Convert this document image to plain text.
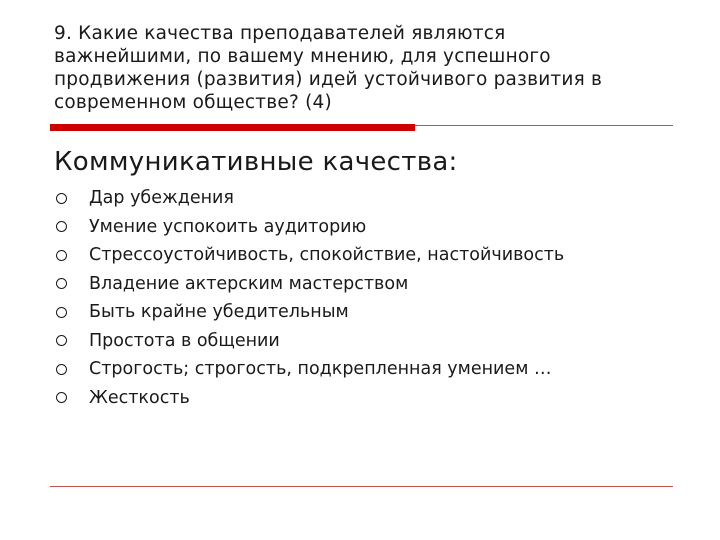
9. Какие качества преподавателей являются
важнейшими, по вашему мнению, для успешного
продвижения (развития) идей устойчивого развития в
современном обществе? (4)
Коммуникативные качества:
Дар убеждения
Умение успокоить аудиторию
Стрессоустойчивость, спокойствие, настойчивость
Владение актерским мастерством
Быть крайне убедительным
Простота в общении
Строгость; строгость, подкрепленная умением …
Жесткость
